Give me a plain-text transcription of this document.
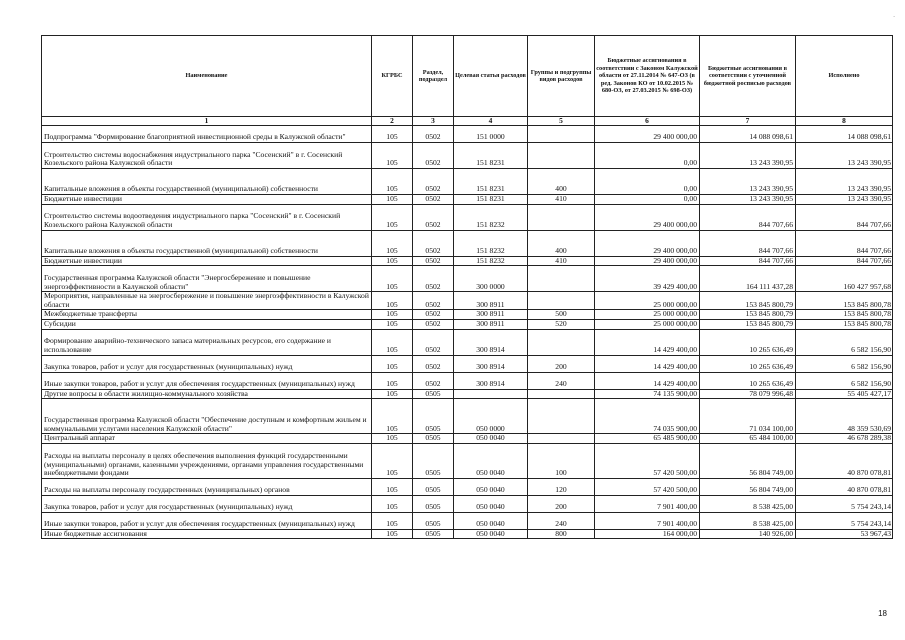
·
Наименование	КГРБС	Раздел, подраздел	Целевая статья расходов	Группы и подгруппы видов расходов	Бюджетные ассигнования в соответствии с Законом Калужской области от 27.11.2014 № 647-ОЗ (в ред. Законов КО от 10.02.2015 № 680-ОЗ, от 27.03.2015 № 698-ОЗ)	Бюджетные ассигнования в соответствии с уточненной бюджетной росписью расходов	Исполнено
1	2	3	4	5	6	7	8
Подпрограмма "Формирование благоприятной инвестиционной среды в Калужской области"	105	0502	151 0000		29 400 000,00	14 088 098,61	14 088 098,61
Строительство системы водоснабжения индустриального парка "Сосенский" в г. Сосенский Козельского района Калужской области	105	0502	151 8231		0,00	13 243 390,95	13 243 390,95
Капитальные вложения в объекты государственной (муниципальной) собственности	105	0502	151 8231	400	0,00	13 243 390,95	13 243 390,95
Бюджетные инвестиции	105	0502	151 8231	410	0,00	13 243 390,95	13 243 390,95
Строительство системы водоотведения индустриального парка "Сосенский" в г. Сосенский Козельского района Калужской области	105	0502	151 8232		29 400 000,00	844 707,66	844 707,66
Капитальные вложения в объекты государственной (муниципальной) собственности	105	0502	151 8232	400	29 400 000,00	844 707,66	844 707,66
Бюджетные инвестиции	105	0502	151 8232	410	29 400 000,00	844 707,66	844 707,66
Государственная программа Калужской области "Энергосбережение и повышение энергоэффективности в Калужской области"	105	0502	300 0000		39 429 400,00	164 111 437,28	160 427 957,68
Мероприятия, направленные на энергосбережение и повышение энергоэффективности в Калужской области	105	0502	300 8911		25 000 000,00	153 845 800,79	153 845 800,78
Межбюджетные трансферты	105	0502	300 8911	500	25 000 000,00	153 845 800,79	153 845 800,78
Субсидии	105	0502	300 8911	520	25 000 000,00	153 845 800,79	153 845 800,78
Формирование аварийно-технического запаса материальных ресурсов, его содержание и использование	105	0502	300 8914		14 429 400,00	10 265 636,49	6 582 156,90
Закупка товаров, работ и услуг для государственных (муниципальных) нужд	105	0502	300 8914	200	14 429 400,00	10 265 636,49	6 582 156,90
Иные закупки товаров, работ и услуг для обеспечения государственных (муниципальных) нужд	105	0502	300 8914	240	14 429 400,00	10 265 636,49	6 582 156,90
Другие вопросы в области жилищно-коммунального хозяйства	105	0505			74 135 900,00	78 079 996,48	55 405 427,17
Государственная программа Калужской области "Обеспечение доступным и комфортным жильем и коммунальными услугами населения Калужской области"	105	0505	050 0000		74 035 900,00	71 034 100,00	48 359 530,69
Центральный аппарат	105	0505	050 0040		65 485 900,00	65 484 100,00	46 678 289,38
Расходы на выплаты персоналу в целях обеспечения выполнения функций государственными (муниципальными) органами, казенными учреждениями, органами управления государственными внебюджетными фондами	105	0505	050 0040	100	57 420 500,00	56 804 749,00	40 870 078,81
Расходы на выплаты персоналу государственных (муниципальных) органов	105	0505	050 0040	120	57 420 500,00	56 804 749,00	40 870 078,81
Закупка товаров, работ и услуг для государственных (муниципальных) нужд	105	0505	050 0040	200	7 901 400,00	8 538 425,00	5 754 243,14
Иные закупки товаров, работ и услуг для обеспечения государственных (муниципальных) нужд	105	0505	050 0040	240	7 901 400,00	8 538 425,00	5 754 243,14
Иные бюджетные ассигнования	105	0505	050 0040	800	164 000,00	140 926,00	53 967,43
18
